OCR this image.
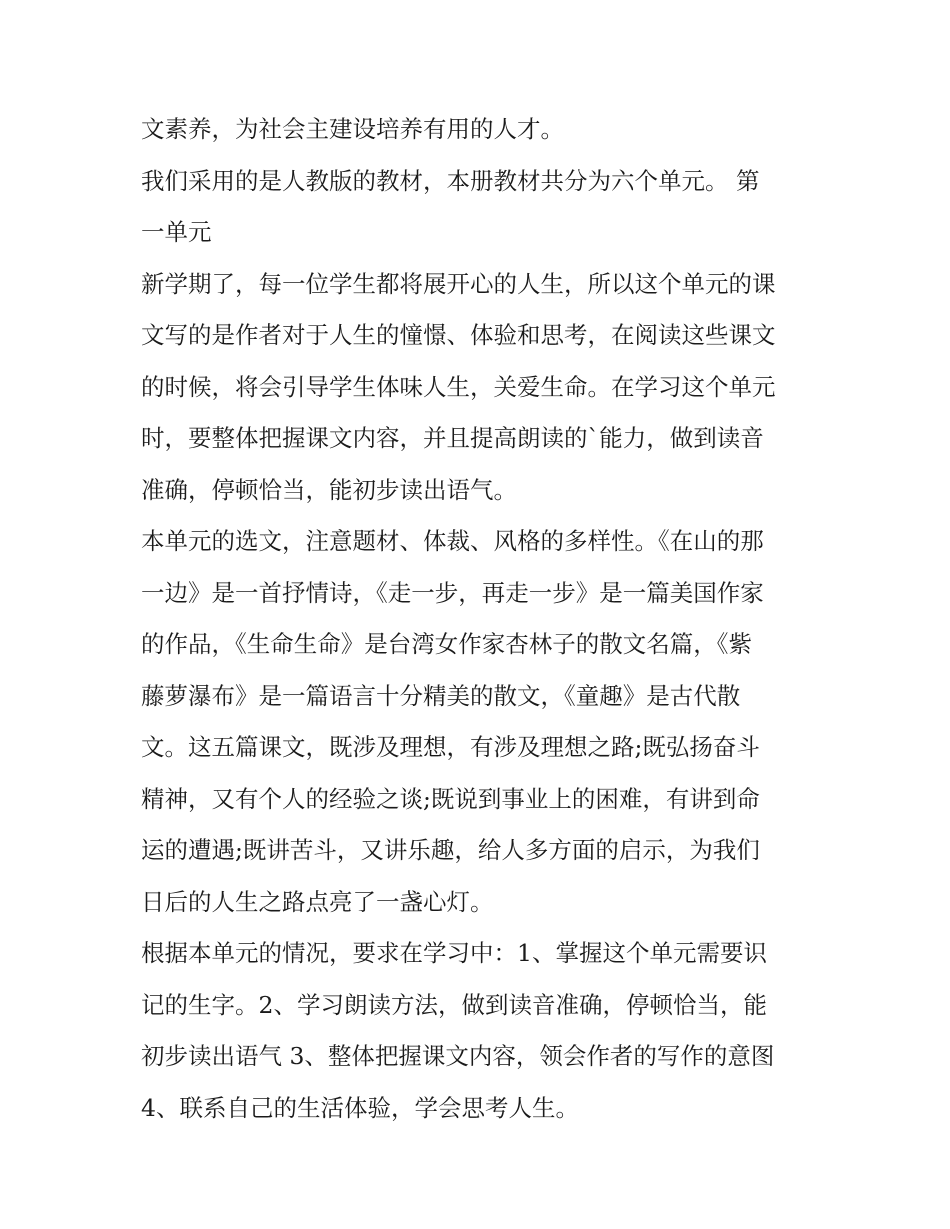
文素养，为社会主建设培养有用的人才。
我们采用的是人教版的教材，本册教材共分为六个单元。 第
一单元
新学期了，每一位学生都将展开心的人生，所以这个单元的课
文写的是作者对于人生的憧憬、体验和思考，在阅读这些课文
的时候，将会引导学生体味人生，关爱生命。在学习这个单元
时，要整体把握课文内容，并且提高朗读的`能力，做到读音
准确，停顿恰当，能初步读出语气。
本单元的选文，注意题材、体裁、风格的多样性。《在山的那
一边》是一首抒情诗，《走一步，再走一步》是一篇美国作家
的作品，《生命生命》是台湾女作家杏林子的散文名篇，《紫
藤萝瀑布》是一篇语言十分精美的散文，《童趣》是古代散
文。这五篇课文，既涉及理想，有涉及理想之路;既弘扬奋斗
精神，又有个人的经验之谈;既说到事业上的困难，有讲到命
运的遭遇;既讲苦斗，又讲乐趣，给人多方面的启示，为我们
日后的人生之路点亮了一盏心灯。
根据本单元的情况，要求在学习中：1、掌握这个单元需要识
记的生字。2、学习朗读方法，做到读音准确，停顿恰当，能
初步读出语气 3、整体把握课文内容，领会作者的写作的意图
4、联系自己的生活体验，学会思考人生。
